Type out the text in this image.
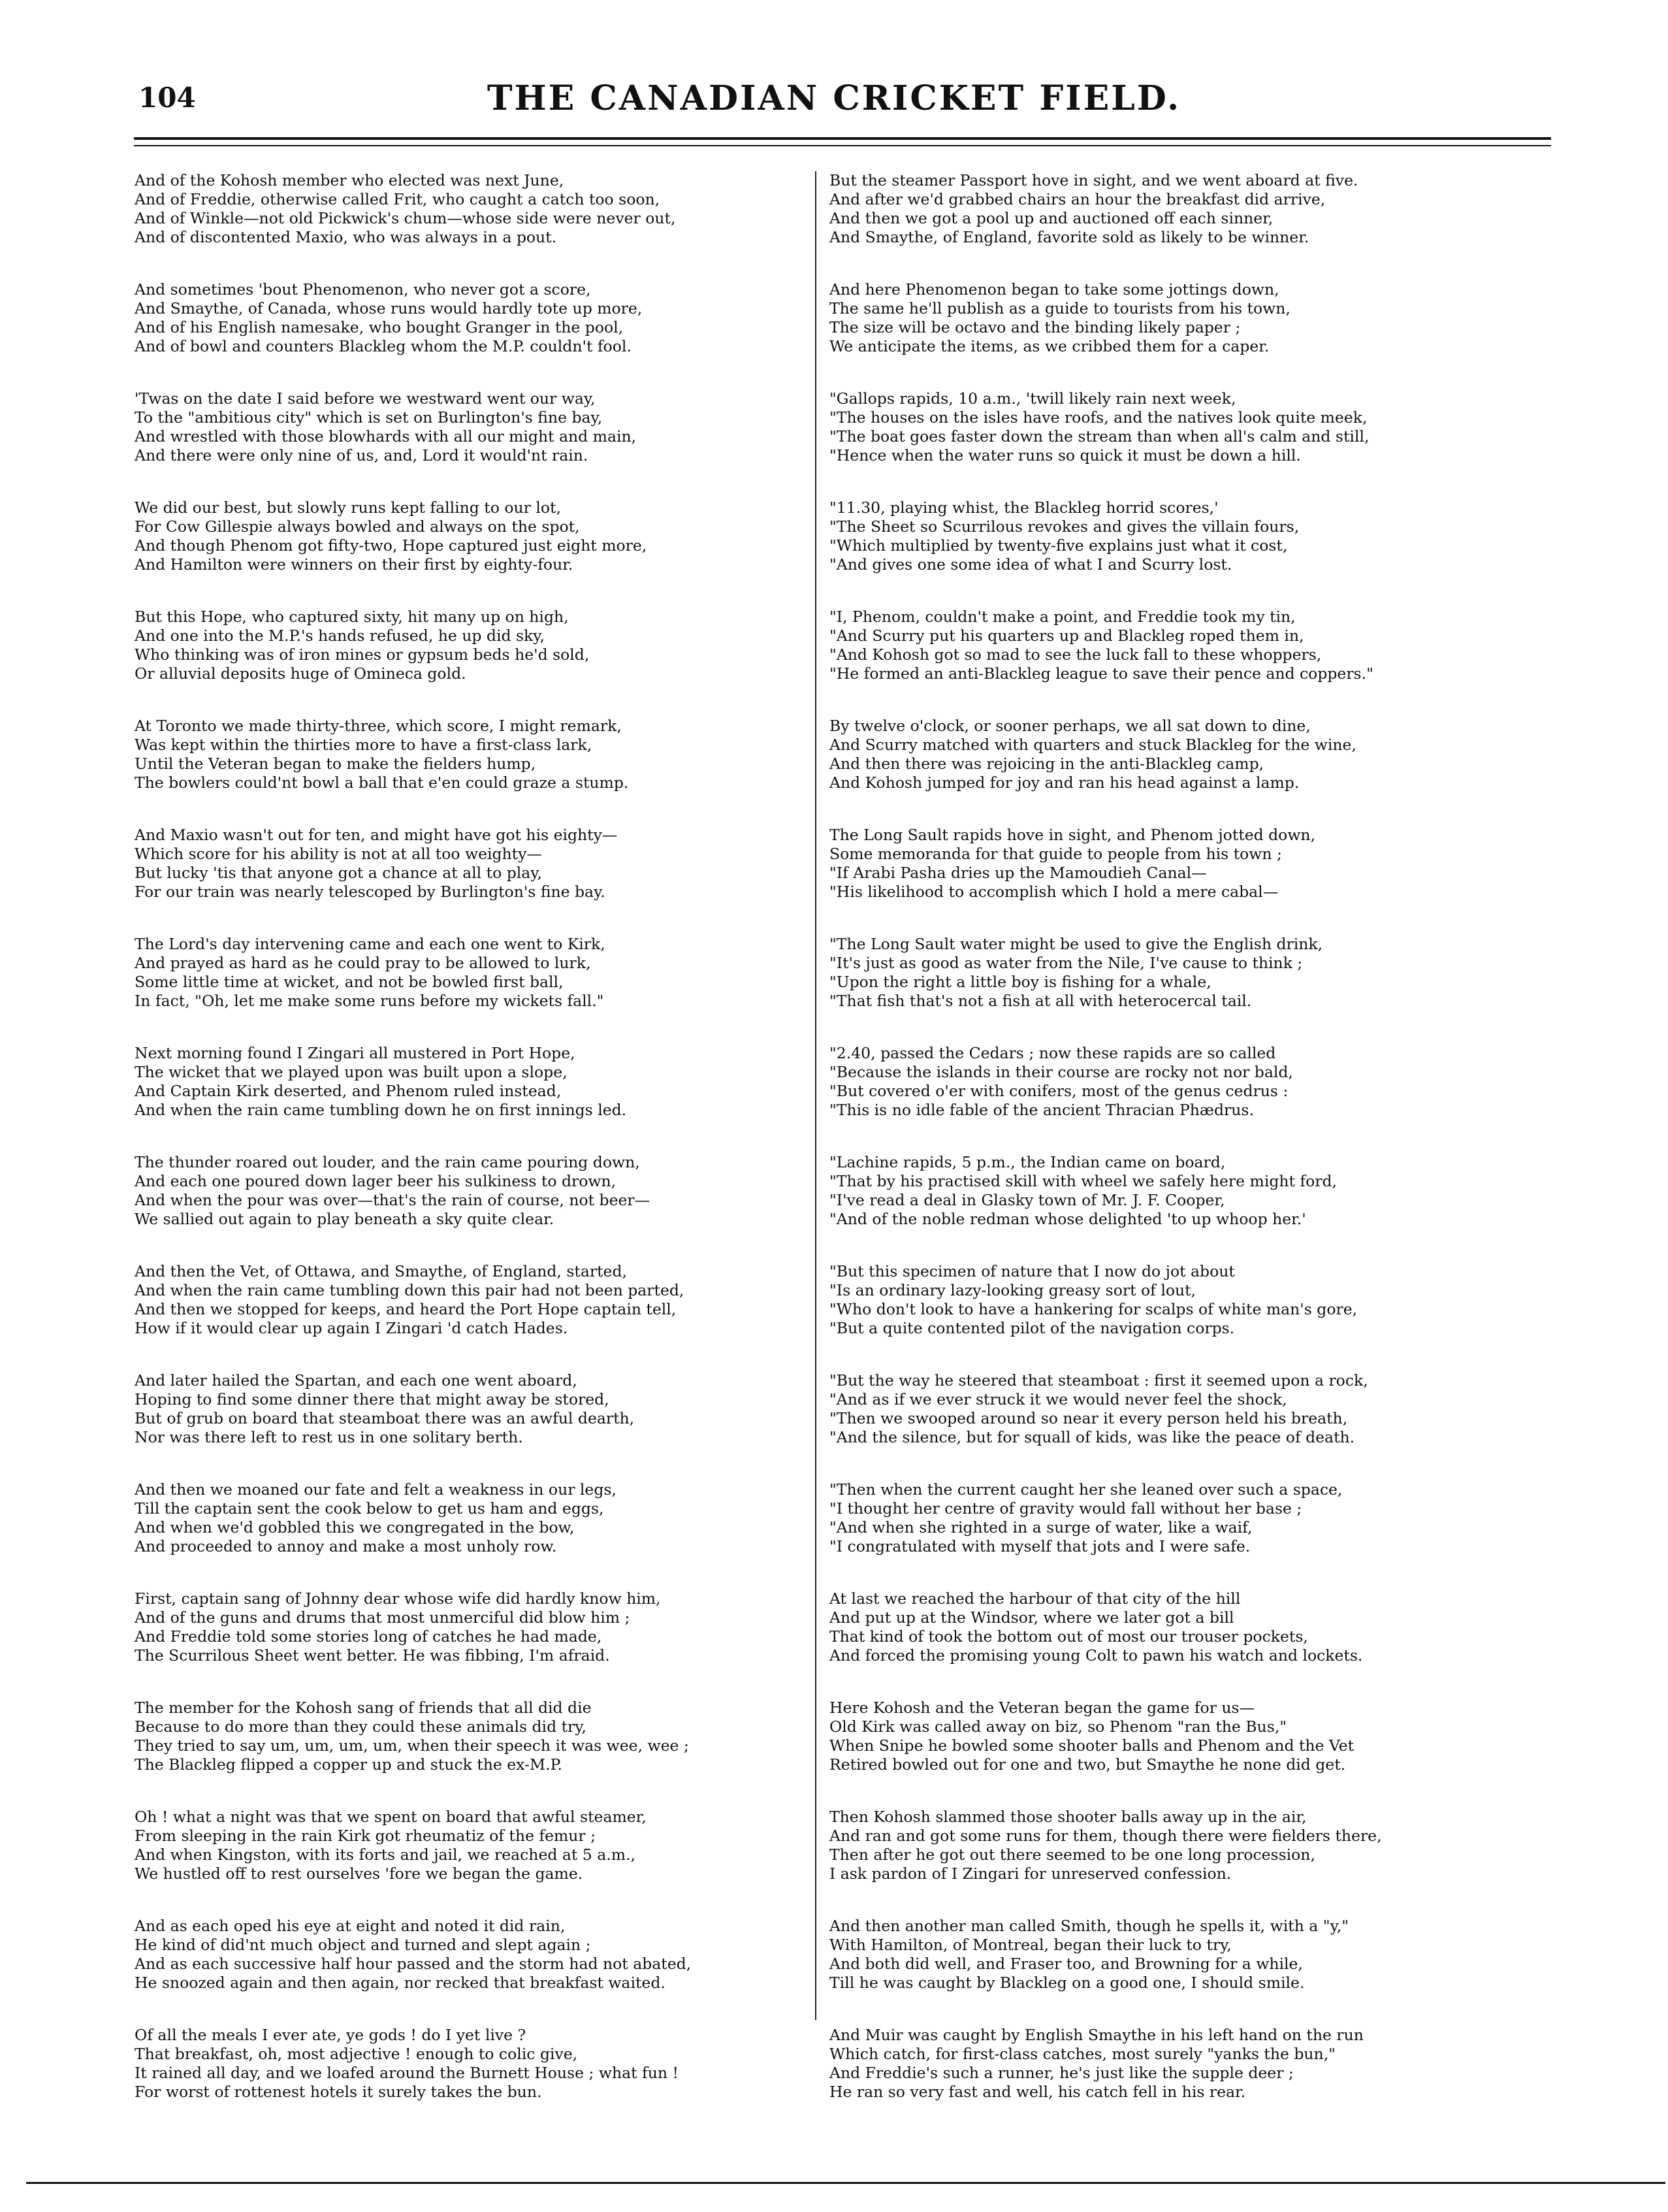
104	THE CANADIAN CRICKET FIELD.
And of the Kohosh member who elected was next June,
And of Freddie, otherwise called Frit, who caught a catch too soon,
And of Winkle—not old Pickwick's chum—whose side were never out,
And of discontented Maxio, who was always in a pout.
And sometimes 'bout Phenomenon, who never got a score,
And Smaythe, of Canada, whose runs would hardly tote up more,
And of his English namesake, who bought Granger in the pool,
And of bowl and counters Blackleg whom the M.P. couldn't fool.
'Twas on the date I said before we westward went our way,
To the "ambitious city" which is set on Burlington's fine bay,
And wrestled with those blowhards with all our might and main,
And there were only nine of us, and, Lord it would'nt rain.
We did our best, but slowly runs kept falling to our lot,
For Cow Gillespie always bowled and always on the spot,
And though Phenom got fifty-two, Hope captured just eight more,
And Hamilton were winners on their first by eighty-four.
But this Hope, who captured sixty, hit many up on high,
And one into the M.P.'s hands refused, he up did sky,
Who thinking was of iron mines or gypsum beds he'd sold,
Or alluvial deposits huge of Omineca gold.
At Toronto we made thirty-three, which score, I might remark,
Was kept within the thirties more to have a first-class lark,
Until the Veteran began to make the fielders hump,
The bowlers could'nt bowl a ball that e'en could graze a stump.
And Maxio wasn't out for ten, and might have got his eighty—
Which score for his ability is not at all too weighty—
But lucky 'tis that anyone got a chance at all to play,
For our train was nearly telescoped by Burlington's fine bay.
The Lord's day intervening came and each one went to Kirk,
And prayed as hard as he could pray to be allowed to lurk,
Some little time at wicket, and not be bowled first ball,
In fact, "Oh, let me make some runs before my wickets fall."
Next morning found I Zingari all mustered in Port Hope,
The wicket that we played upon was built upon a slope,
And Captain Kirk deserted, and Phenom ruled instead,
And when the rain came tumbling down he on first innings led.
The thunder roared out louder, and the rain came pouring down,
And each one poured down lager beer his sulkiness to drown,
And when the pour was over—that's the rain of course, not beer—
We sallied out again to play beneath a sky quite clear.
And then the Vet, of Ottawa, and Smaythe, of England, started,
And when the rain came tumbling down this pair had not been parted,
And then we stopped for keeps, and heard the Port Hope captain tell,
How if it would clear up again I Zingari 'd catch Hades.
And later hailed the Spartan, and each one went aboard,
Hoping to find some dinner there that might away be stored,
But of grub on board that steamboat there was an awful dearth,
Nor was there left to rest us in one solitary berth.
And then we moaned our fate and felt a weakness in our legs,
Till the captain sent the cook below to get us ham and eggs,
And when we'd gobbled this we congregated in the bow,
And proceeded to annoy and make a most unholy row.
First, captain sang of Johnny dear whose wife did hardly know him,
And of the guns and drums that most unmerciful did blow him ;
And Freddie told some stories long of catches he had made,
The Scurrilous Sheet went better. He was fibbing, I'm afraid.
The member for the Kohosh sang of friends that all did die
Because to do more than they could these animals did try,
They tried to say um, um, um, um, when their speech it was wee, wee ;
The Blackleg flipped a copper up and stuck the ex-M.P.
Oh ! what a night was that we spent on board that awful steamer,
From sleeping in the rain Kirk got rheumatiz of the femur ;
And when Kingston, with its forts and jail, we reached at 5 a.m.,
We hustled off to rest ourselves 'fore we began the game.
And as each oped his eye at eight and noted it did rain,
He kind of did'nt much object and turned and slept again ;
And as each successive half hour passed and the storm had not abated,
He snoozed again and then again, nor recked that breakfast waited.
Of all the meals I ever ate, ye gods ! do I yet live ?
That breakfast, oh, most adjective ! enough to colic give,
It rained all day, and we loafed around the Burnett House ; what fun !
For worst of rottenest hotels it surely takes the bun.
But the steamer Passport hove in sight, and we went aboard at five.
And after we'd grabbed chairs an hour the breakfast did arrive,
And then we got a pool up and auctioned off each sinner,
And Smaythe, of England, favorite sold as likely to be winner.
And here Phenomenon began to take some jottings down,
The same he'll publish as a guide to tourists from his town,
The size will be octavo and the binding likely paper ;
We anticipate the items, as we cribbed them for a caper.
"Gallops rapids, 10 a.m., 'twill likely rain next week,
"The houses on the isles have roofs, and the natives look quite meek,
"The boat goes faster down the stream than when all's calm and still,
"Hence when the water runs so quick it must be down a hill.
"11.30, playing whist, the Blackleg horrid scores,'
"The Sheet so Scurrilous revokes and gives the villain fours,
"Which multiplied by twenty-five explains just what it cost,
"And gives one some idea of what I and Scurry lost.
"I, Phenom, couldn't make a point, and Freddie took my tin,
"And Scurry put his quarters up and Blackleg roped them in,
"And Kohosh got so mad to see the luck fall to these whoppers,
"He formed an anti-Blackleg league to save their pence and coppers."
By twelve o'clock, or sooner perhaps, we all sat down to dine,
And Scurry matched with quarters and stuck Blackleg for the wine,
And then there was rejoicing in the anti-Blackleg camp,
And Kohosh jumped for joy and ran his head against a lamp.
The Long Sault rapids hove in sight, and Phenom jotted down,
Some memoranda for that guide to people from his town ;
"If Arabi Pasha dries up the Mamoudieh Canal—
"His likelihood to accomplish which I hold a mere cabal—
"The Long Sault water might be used to give the English drink,
"It's just as good as water from the Nile, I've cause to think ;
"Upon the right a little boy is fishing for a whale,
"That fish that's not a fish at all with heterocercal tail.
"2.40, passed the Cedars ; now these rapids are so called
"Because the islands in their course are rocky not nor bald,
"But covered o'er with conifers, most of the genus cedrus :
"This is no idle fable of the ancient Thracian Phædrus.
"Lachine rapids, 5 p.m., the Indian came on board,
"That by his practised skill with wheel we safely here might ford,
"I've read a deal in Glasky town of Mr. J. F. Cooper,
"And of the noble redman whose delighted 'to up whoop her.'
"But this specimen of nature that I now do jot about
"Is an ordinary lazy-looking greasy sort of lout,
"Who don't look to have a hankering for scalps of white man's gore,
"But a quite contented pilot of the navigation corps.
"But the way he steered that steamboat : first it seemed upon a rock,
"And as if we ever struck it we would never feel the shock,
"Then we swooped around so near it every person held his breath,
"And the silence, but for squall of kids, was like the peace of death.
"Then when the current caught her she leaned over such a space,
"I thought her centre of gravity would fall without her base ;
"And when she righted in a surge of water, like a waif,
"I congratulated with myself that jots and I were safe.
At last we reached the harbour of that city of the hill
And put up at the Windsor, where we later got a bill
That kind of took the bottom out of most our trouser pockets,
And forced the promising young Colt to pawn his watch and lockets.
Here Kohosh and the Veteran began the game for us—
Old Kirk was called away on biz, so Phenom "ran the Bus,"
When Snipe he bowled some shooter balls and Phenom and the Vet
Retired bowled out for one and two, but Smaythe he none did get.
Then Kohosh slammed those shooter balls away up in the air,
And ran and got some runs for them, though there were fielders there,
Then after he got out there seemed to be one long procession,
I ask pardon of I Zingari for unreserved confession.
And then another man called Smith, though he spells it, with a "y,"
With Hamilton, of Montreal, began their luck to try,
And both did well, and Fraser too, and Browning for a while,
Till he was caught by Blackleg on a good one, I should smile.
And Muir was caught by English Smaythe in his left hand on the run
Which catch, for first-class catches, most surely "yanks the bun,"
And Freddie's such a runner, he's just like the supple deer ;
He ran so very fast and well, his catch fell in his rear.
